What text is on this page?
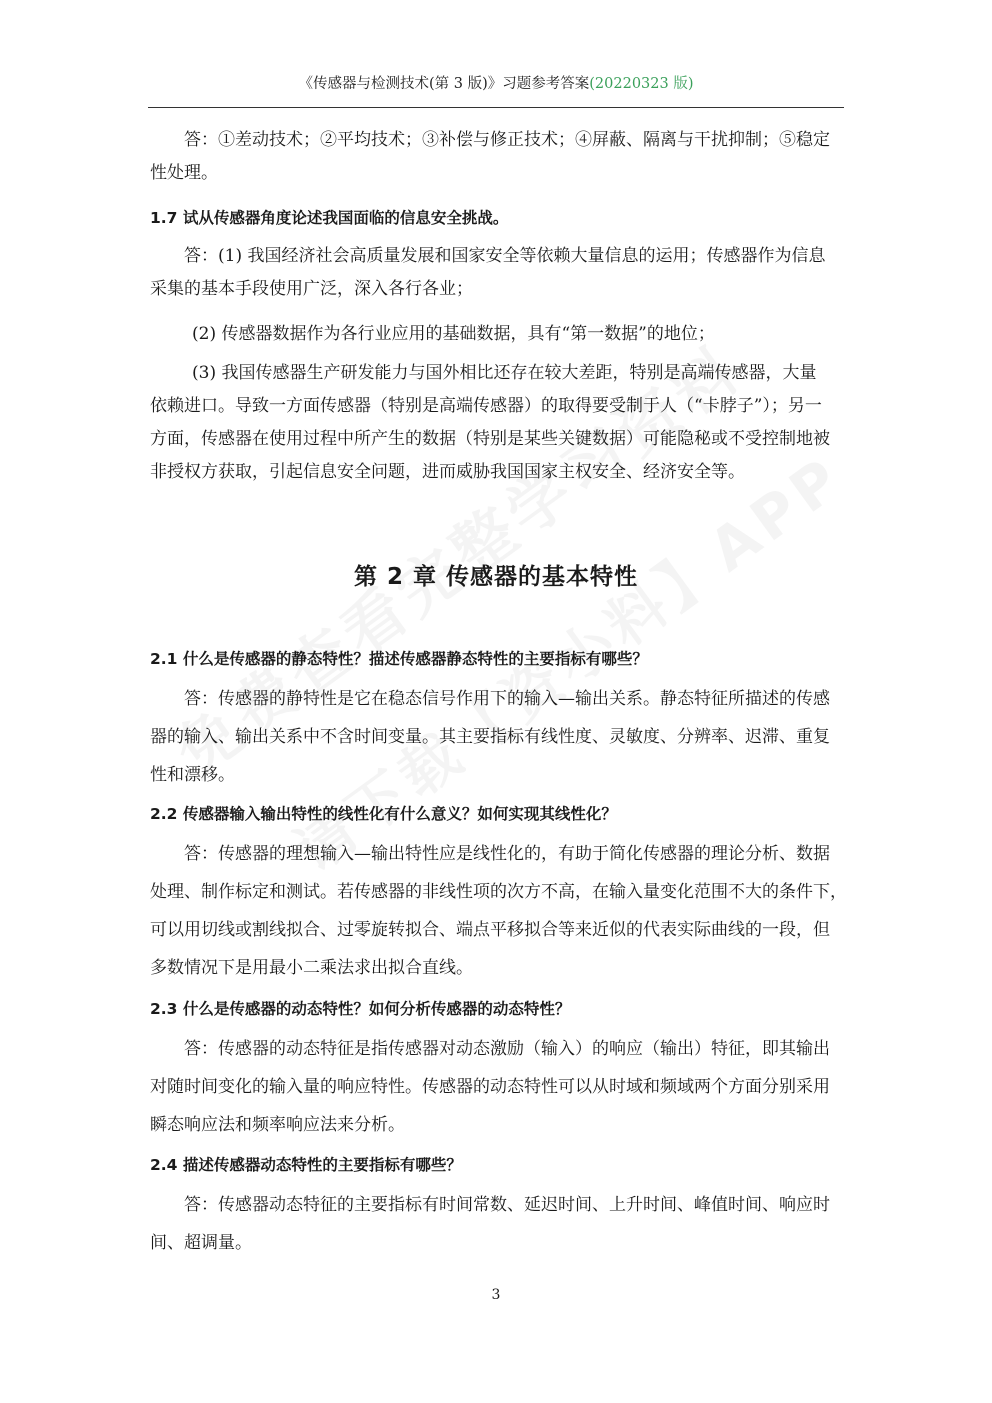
《传感器与检测技术(第 3 版)》习题参考答案(20220323 版)

答：①差动技术；②平均技术；③补偿与修正技术；④屏蔽、隔离与干扰抑制；⑤稳定

性处理。

1.7 试从传感器角度论述我国面临的信息安全挑战。

答：(1) 我国经济社会高质量发展和国家安全等依赖大量信息的运用；传感器作为信息

采集的基本手段使用广泛，深入各行各业；

(2) 传感器数据作为各行业应用的基础数据，具有“第一数据”的地位；

(3) 我国传感器生产研发能力与国外相比还存在较大差距，特别是高端传感器，大量

依赖进口。导致一方面传感器（特别是高端传感器）的取得要受制于人（“卡脖子”）；另一

方面，传感器在使用过程中所产生的数据（特别是某些关键数据）可能隐秘或不受控制地被

非授权方获取，引起信息安全问题，进而威胁我国国家主权安全、经济安全等。

第 2 章 传感器的基本特性
2.1 什么是传感器的静态特性？描述传感器静态特性的主要指标有哪些？

答：传感器的静特性是它在稳态信号作用下的输入—输出关系。静态特征所描述的传感

器的输入、输出关系中不含时间变量。其主要指标有线性度、灵敏度、分辨率、迟滞、重复

性和漂移。

2.2 传感器输入输出特性的线性化有什么意义？如何实现其线性化？

答：传感器的理想输入—输出特性应是线性化的，有助于简化传感器的理论分析、数据

处理、制作标定和测试。若传感器的非线性项的次方不高，在输入量变化范围不大的条件下，

可以用切线或割线拟合、过零旋转拟合、端点平移拟合等来近似的代表实际曲线的一段，但

多数情况下是用最小二乘法求出拟合直线。

2.3 什么是传感器的动态特性？如何分析传感器的动态特性？

答：传感器的动态特征是指传感器对动态激励（输入）的响应（输出）特征，即其输出

对随时间变化的输入量的响应特性。传感器的动态特性可以从时域和频域两个方面分别采用

瞬态响应法和频率响应法来分析。

2.4 描述传感器动态特性的主要指标有哪些？

答：传感器动态特征的主要指标有时间常数、延迟时间、上升时间、峰值时间、响应时

间、超调量。

3
